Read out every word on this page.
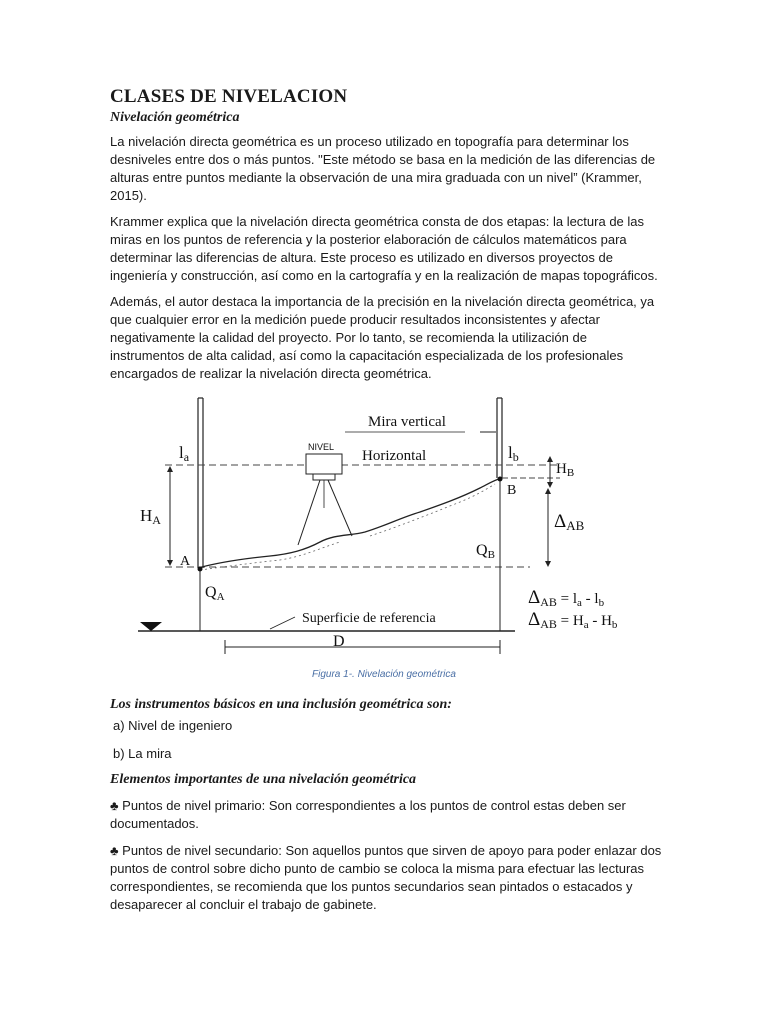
CLASES DE NIVELACION
Nivelación geométrica

La nivelación directa geométrica es un proceso utilizado en topografía para determinar los desniveles entre dos o más puntos. "Este método se basa en la medición de las diferencias de alturas entre puntos mediante la observación de una mira graduada con un nivel” (Krammer, 2015).

Krammer explica que la nivelación directa geométrica consta de dos etapas: la lectura de las miras en los puntos de referencia y la posterior elaboración de cálculos matemáticos para determinar las diferencias de altura. Este proceso es utilizado en diversos proyectos de ingeniería y construcción, así como en la cartografía y en la realización de mapas topográficos.

Además, el autor destaca la importancia de la precisión en la nivelación directa geométrica, ya que cualquier error en la medición puede producir resultados inconsistentes y afectar negativamente la calidad del proyecto. Por lo tanto, se recomienda la utilización de instrumentos de alta calidad, así como la capacitación especializada de los profesionales encargados de realizar la nivelación directa geométrica.

NIVEL
Mira vertical
Horizontal
la	lb
$H_B$
B
HA	ΔAB
A
QB
QA	ΔAB = la - lb
ΔAB = Ha - Hb
Superficie de referencia
D

Figura 1-. Nivelación geométrica

Los instrumentos básicos en una inclusión geométrica son:

a) Nivel de ingeniero

b) La mira

Elementos importantes de una nivelación geométrica

♣ Puntos de nivel primario: Son correspondientes a los puntos de control estas deben ser documentados.

♣ Puntos de nivel secundario: Son aquellos puntos que sirven de apoyo para poder enlazar dos puntos de control sobre dicho punto de cambio se coloca la misma para efectuar las lecturas correspondientes, se recomienda que los puntos secundarios sean pintados o estacados y desaparecer al concluir el trabajo de gabinete.
